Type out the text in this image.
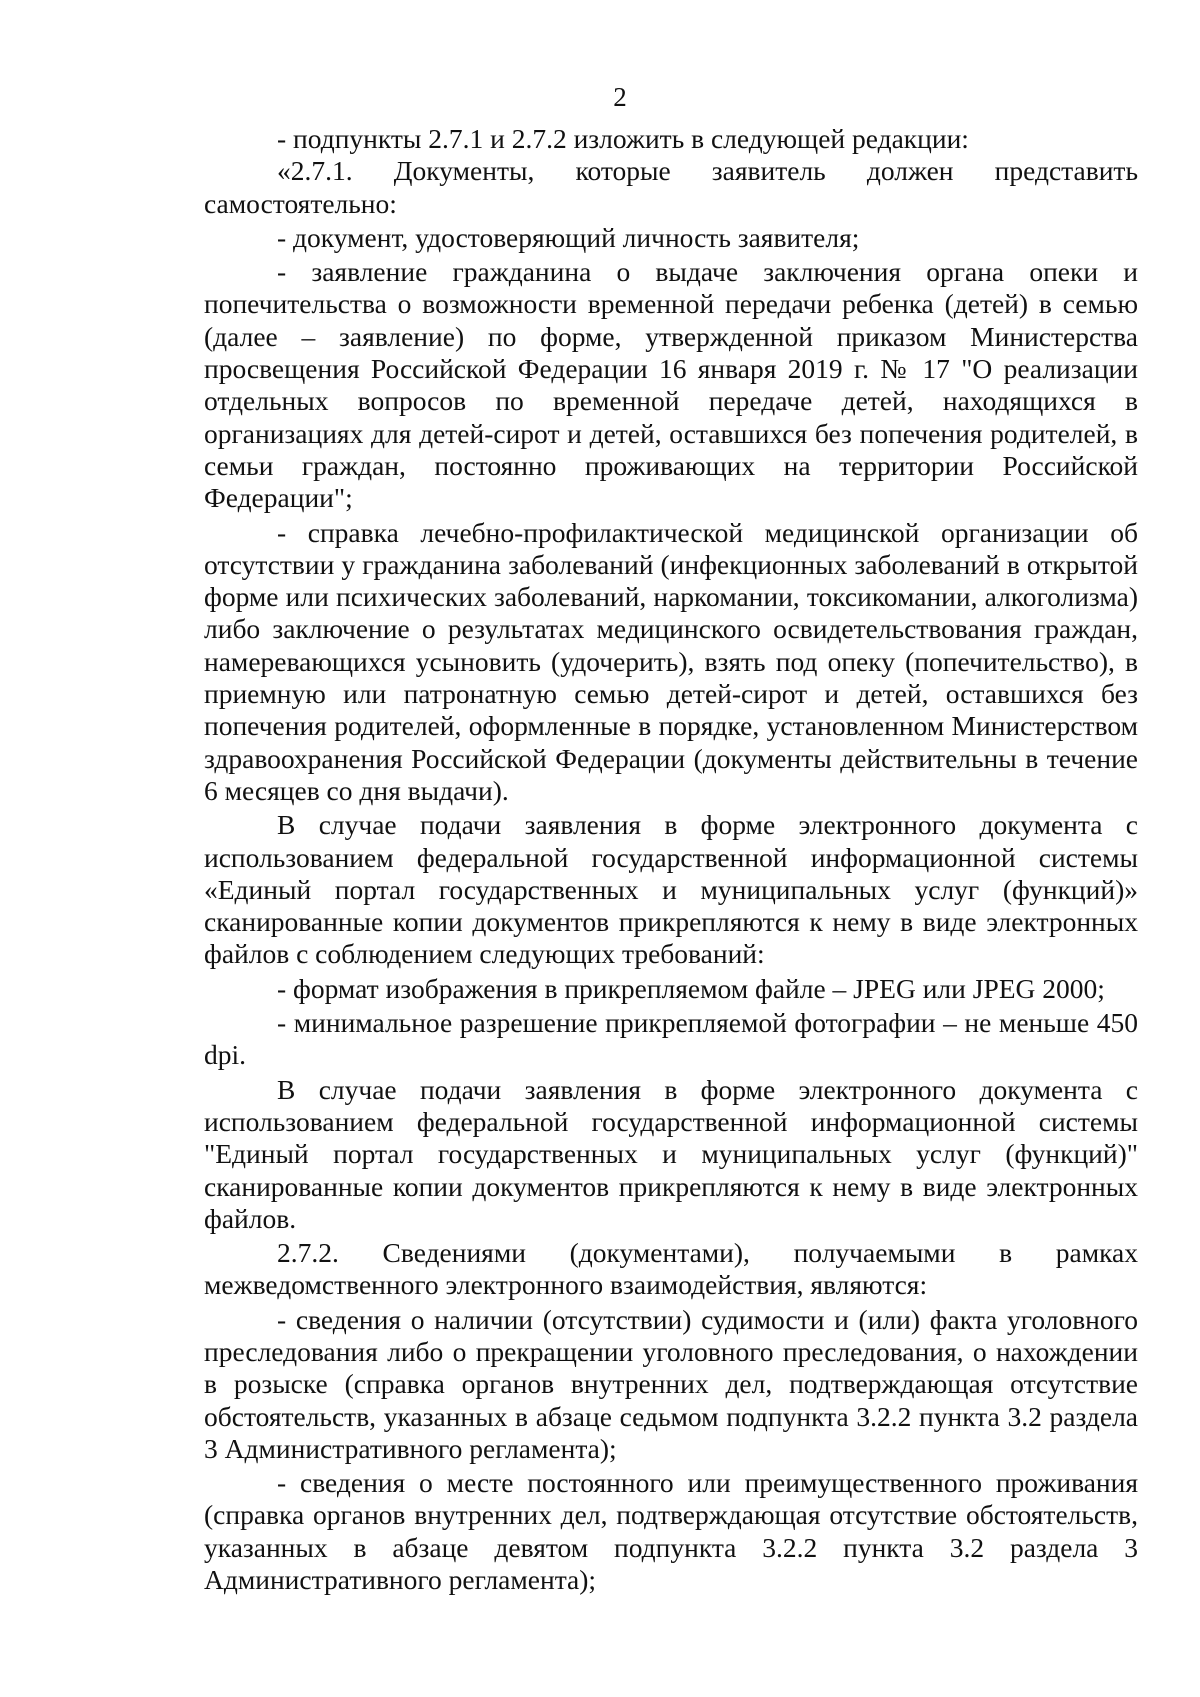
2

- подпункты 2.7.1 и 2.7.2 изложить в следующей редакции:

«2.7.1. Документы, которые заявитель должен представить самостоятельно:

- документ, удостоверяющий личность заявителя;

- заявление гражданина о выдаче заключения органа опеки и попечительства о возможности временной передачи ребенка (детей) в семью (далее – заявление) по форме, утвержденной приказом Министерства просвещения Российской Федерации 16 января 2019 г. № 17 "О реализации отдельных вопросов по временной передаче детей, находящихся в организациях для детей-сирот и детей, оставшихся без попечения родителей, в семьи граждан, постоянно проживающих на территории Российской Федерации";

- справка лечебно-профилактической медицинской организации об отсутствии у гражданина заболеваний (инфекционных заболеваний в открытой форме или психических заболеваний, наркомании, токсикомании, алкоголизма) либо заключение о результатах медицинского освидетельствования граждан, намеревающихся усыновить (удочерить), взять под опеку (попечительство), в приемную или патронатную семью детей-сирот и детей, оставшихся без попечения родителей, оформленные в порядке, установленном Министерством здравоохранения Российской Федерации (документы действительны в течение 6 месяцев со дня выдачи).

В случае подачи заявления в форме электронного документа с использованием федеральной государственной информационной системы «Единый портал государственных и муниципальных услуг (функций)» сканированные копии документов прикрепляются к нему в виде электронных файлов с соблюдением следующих требований:

- формат изображения в прикрепляемом файле – JPEG или JPEG 2000;

- минимальное разрешение прикрепляемой фотографии – не меньше 450 dpi.

В случае подачи заявления в форме электронного документа с использованием федеральной государственной информационной системы "Единый портал государственных и муниципальных услуг (функций)" сканированные копии документов прикрепляются к нему в виде электронных файлов.

2.7.2. Сведениями (документами), получаемыми в рамках межведомственного электронного взаимодействия, являются:

- сведения о наличии (отсутствии) судимости и (или) факта уголовного преследования либо о прекращении уголовного преследования, о нахождении в розыске (справка органов внутренних дел, подтверждающая отсутствие обстоятельств, указанных в абзаце седьмом подпункта 3.2.2 пункта 3.2 раздела 3 Административного регламента);

- сведения о месте постоянного или преимущественного проживания (справка органов внутренних дел, подтверждающая отсутствие обстоятельств, указанных в абзаце девятом подпункта 3.2.2 пункта 3.2 раздела 3 Административного регламента);
